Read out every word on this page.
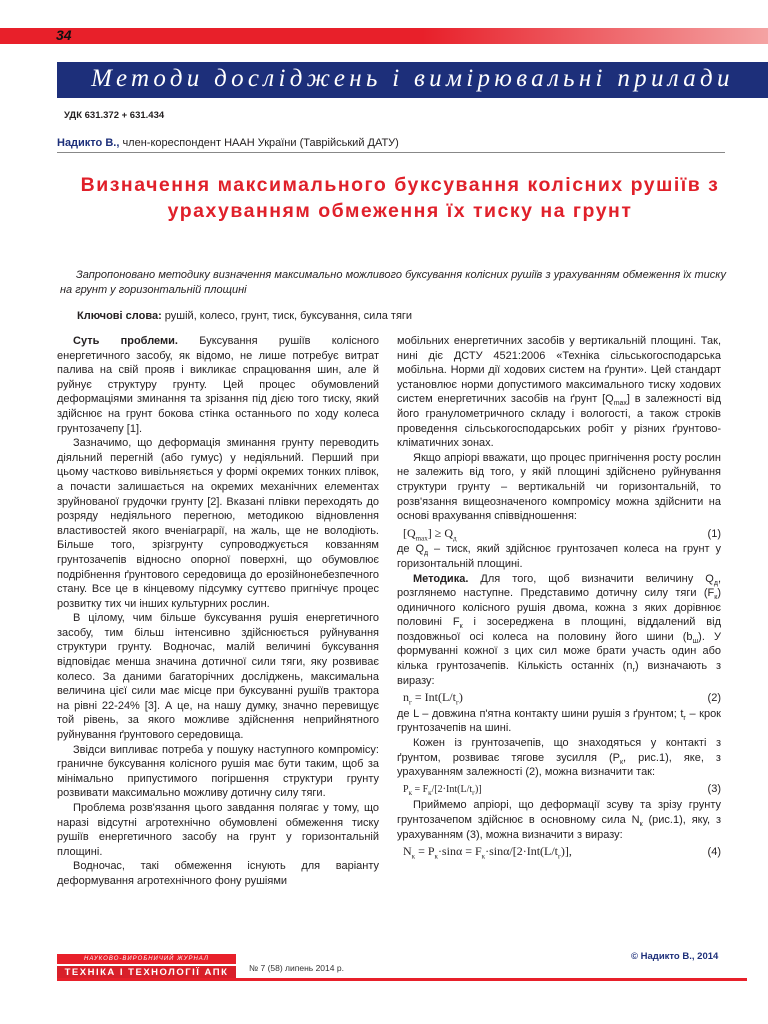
34
Методи досліджень і вимірювальні прилади
УДК 631.372 + 631.434
Надикто В., член-кореспондент НААН України (Таврійський ДАТУ)
Визначення максимального буксування колісних рушіїв з урахуванням обмеження їх тиску на грунт
Запропоновано методику визначення максимально можливого буксування колісних рушіїв з урахуванням обмеження їх тиску на грунт у горизонтальній площині
Ключові слова: рушій, колесо, грунт, тиск, буксування, сила тяги

Суть проблеми. Буксування рушіїв колісного енергетичного засобу, як відомо, не лише потребує витрат палива на свій прояв і викликає спрацювання шин, але й руйнує структуру грунту. Цей процес обумовлений деформаціями зминання та зрізання під дією того тиску, який здійснює на грунт бокова стінка останнього по ходу колеса грунтозачепу [1].

Зазначимо, що деформація зминання грунту переводить діяльний перегній (або гумус) у недіяльний. Перший при цьому частково вивільняється у формі окремих тонких плівок, а почасти залишається на окремих механічних елементах зруйнованої грудочки грунту [2]. Вказані плівки переходять до розряду недіяльного перегною, методикою відновлення властивостей якого вченіаграрії, на жаль, ще не володіють. Більше того, зрізгрунту супроводжується ковзанням грунтозачепів відносно опорної поверхні, що обумовлює подрібнення ґрунтового середовища до ерозійнонебезпечного стану. Все це в кінцевому підсумку суттєво пригнічує процес розвитку тих чи інших культурних рослин.

В цілому, чим більше буксування рушія енергетичного засобу, тим більш інтенсивно здійснюється руйнування структури грунту. Водночас, малій величині буксування відповідає менша значина дотичної сили тяги, яку розвиває колесо. За даними багаторічних досліджень, максимальна величина цієї сили має місце при буксуванні рушіїв трактора на рівні 22-24% [3]. А це, на нашу думку, значно перевищує той рівень, за якого можливе здійснення неприйнятного руйнування ґрунтового середовища.

Звідси випливає потреба у пошуку наступного компромісу: граничне буксування колісного рушія має бути таким, щоб за мінімально припустимого погіршення структури грунту розвивати максимально можливу дотичну силу тяги.

Проблема розв'язання цього завдання полягає у тому, що наразі відсутні агротехнічно обумовлені обмеження тиску рушіїв енергетичного засобу на грунт у горизонтальній площині.

Водночас, такі обмеження існують для варіанту деформування агротехнічного фону рушіями

мобільних енергетичних засобів у вертикальній площині. Так, нині діє ДСТУ 4521:2006 «Техніка сільськогосподарська мобільна. Норми дії ходових систем на ґрунти». Цей стандарт установлює норми допустимого максимального тиску ходових систем енергетичних засобів на ґрунт $[Q_{max}]$ в залежності від його гранулометричного складу і вологості, а також строків проведення сільськогосподарських робіт у різних ґрунтово-кліматичних зонах.

Якщо апріорі вважати, що процес пригнічення росту рослин не залежить від того, у якій площині здійснено руйнування структури грунту – вертикальній чи горизонтальній, то розв'язання вищеозначеного компромісу можна здійснити на основі врахування співвідношення:

$[Q_{max}] \ge Q_д$	(1)

де $Q_д$ – тиск, який здійснює грунтозачеп колеса на грунт у горизонтальній площині.

Методика. Для того, щоб визначити величину $Q_д$, розглянемо наступне. Представимо дотичну силу тяги $(F_к)$ одиничного колісного рушія двома, кожна з яких дорівнює половині $F_к$ і зосереджена в площині, віддалений від поздовжньої осі колеса на половину його шини $(b_ш)$. У формуванні кожної з цих сил може брати участь один або кілька грунтозачепів. Кількість останніх $(n_г)$ визначають з виразу:

$n_г = Int(L/t_г)$	(2)

де L – довжина п'ятна контакту шини рушія з ґрунтом; $t_г$ – крок грунтозачепів на шині.

Кожен із грунтозачепів, що знаходяться у контакті з ґрунтом, розвиває тягове зусилля ($P_к$, рис.1), яке, з урахуванням залежності (2), можна визначити так:

$P_к = F_к/[2\cdot Int(L/t_г)]$	(3)

Приймемо апріорі, що деформації зсуву та зрізу грунту грунтозачепом здійснює в основному сила $N_к$ (рис.1), яку, з урахуванням (3), можна визначити з виразу:

$N_к = P_к\cdot\sin\alpha = F_к\cdot\sin\alpha/[2\cdot Int(L/t_г)]$,	(4)
© Надикто В., 2014
НАУКОВО-ВИРОБНИЧИЙ ЖУРНАЛ
ТЕХНІКА І ТЕХНОЛОГІЇ АПК	№ 7 (58) липень 2014 р.
